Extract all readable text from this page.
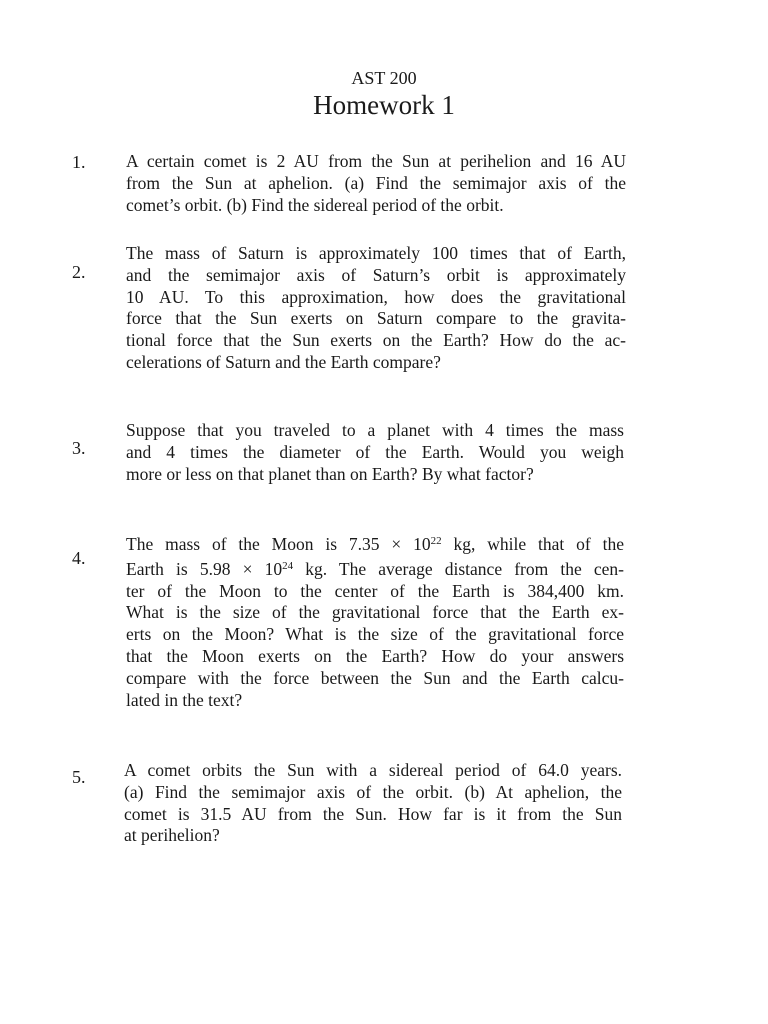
AST 200

Homework 1
1. A certain comet is 2 AU from the Sun at perihelion and 16 AU
from the Sun at aphelion. (a) Find the semimajor axis of the
comet’s orbit. (b) Find the sidereal period of the orbit.

2.

The mass of Saturn is approximately 100 times that of Earth,
and the semimajor axis of Saturn’s orbit is approximately
10 AU. To this approximation, how does the gravitational
force that the Sun exerts on Saturn compare to the gravita-
tional force that the Sun exerts on the Earth? How do the ac-
celerations of Saturn and the Earth compare?

3.

Suppose that you traveled to a planet with 4 times the mass
and 4 times the diameter of the Earth. Would you weigh
more or less on that planet than on Earth? By what factor?

4.

The mass of the Moon is $7.35 \times 10^{22}$ kg, while that of the
Earth is $5.98 \times 10^{24}$ kg. The average distance from the cen-
ter of the Moon to the center of the Earth is 384,400 km.
What is the size of the gravitational force that the Earth ex-
erts on the Moon? What is the size of the gravitational force
that the Moon exerts on the Earth? How do your answers
compare with the force between the Sun and the Earth calcu-
lated in the text?

5. A comet orbits the Sun with a sidereal period of 64.0 years.
(a) Find the semimajor axis of the orbit. (b) At aphelion, the
comet is 31.5 AU from the Sun. How far is it from the Sun
at perihelion?
